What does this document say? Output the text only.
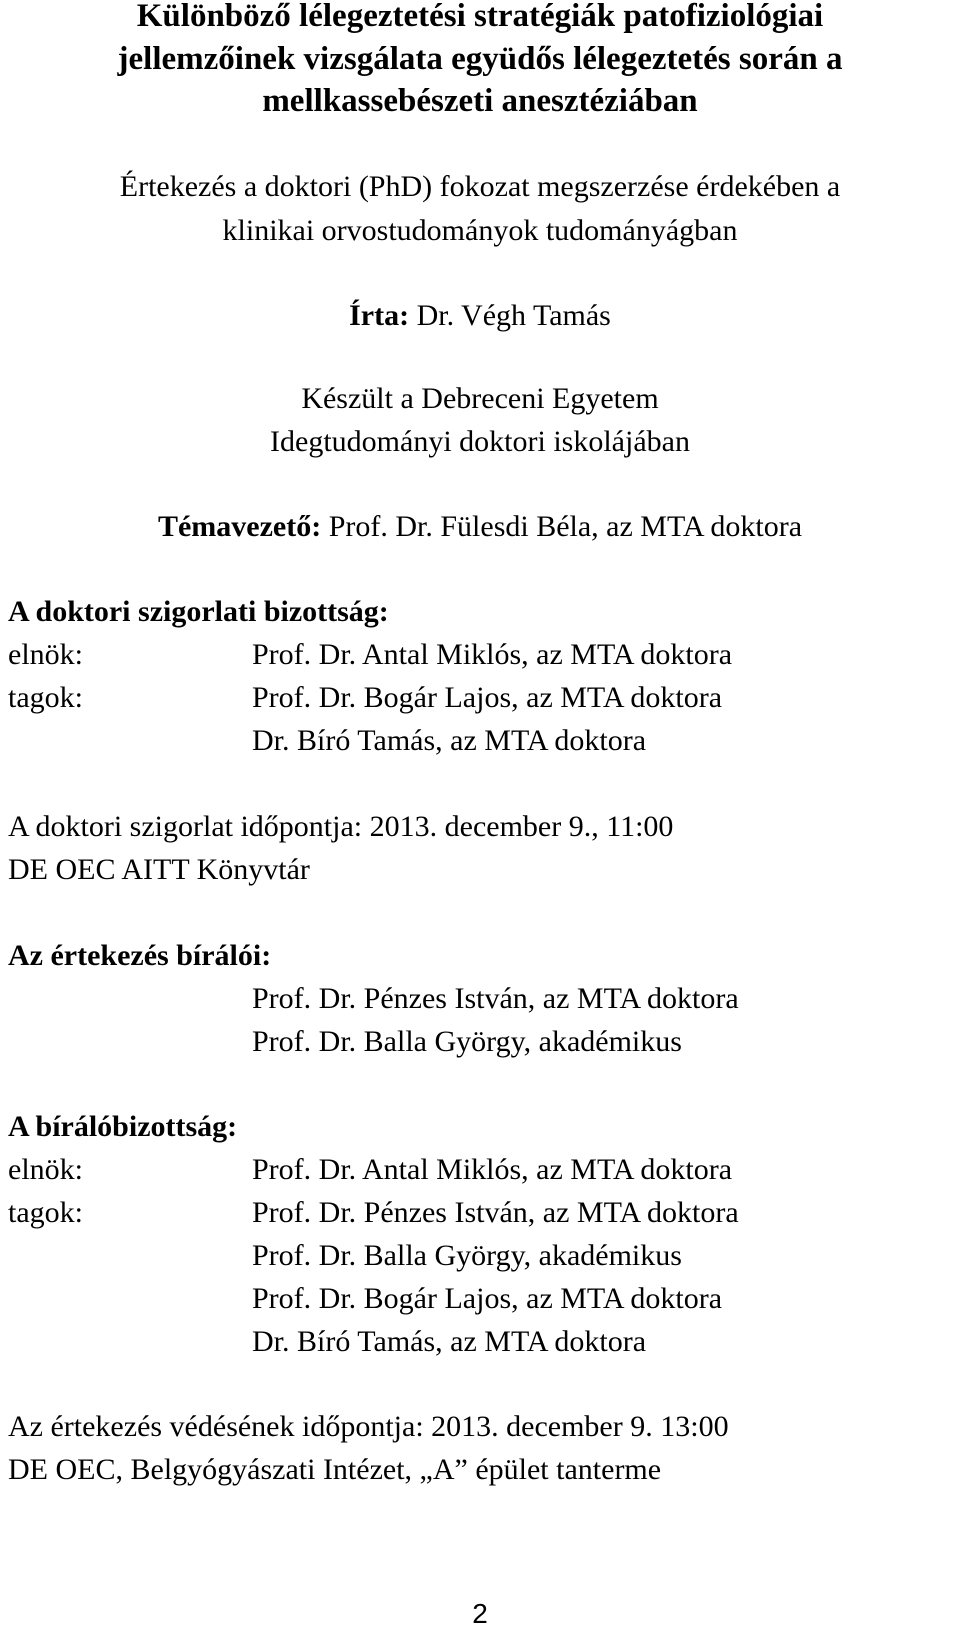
Különböző lélegeztetési stratégiák patofiziológiai
jellemzőinek vizsgálata együdős lélegeztetés során a
mellkassebészeti anesztéziában
Értekezés a doktori (PhD) fokozat megszerzése érdekében a
klinikai orvostudományok tudományágban
Írta: Dr. Végh Tamás
Készült a Debreceni Egyetem
Idegtudományi doktori iskolájában
Témavezető: Prof. Dr. Fülesdi Béla, az MTA doktora
A doktori szigorlati bizottság:
elnök:	Prof. Dr. Antal Miklós, az MTA doktora
tagok:	Prof. Dr. Bogár Lajos, az MTA doktora
Dr. Bíró Tamás, az MTA doktora
A doktori szigorlat időpontja: 2013. december 9., 11:00
DE OEC AITT Könyvtár
Az értekezés bírálói:
Prof. Dr. Pénzes István, az MTA doktora
Prof. Dr. Balla György, akadémikus
A bírálóbizottság:
elnök:	Prof. Dr. Antal Miklós, az MTA doktora
tagok:	Prof. Dr. Pénzes István, az MTA doktora
Prof. Dr. Balla György, akadémikus
Prof. Dr. Bogár Lajos, az MTA doktora
Dr. Bíró Tamás, az MTA doktora
Az értekezés védésének időpontja: 2013. december 9. 13:00
DE OEC, Belgyógyászati Intézet, „A” épület tanterme
2
